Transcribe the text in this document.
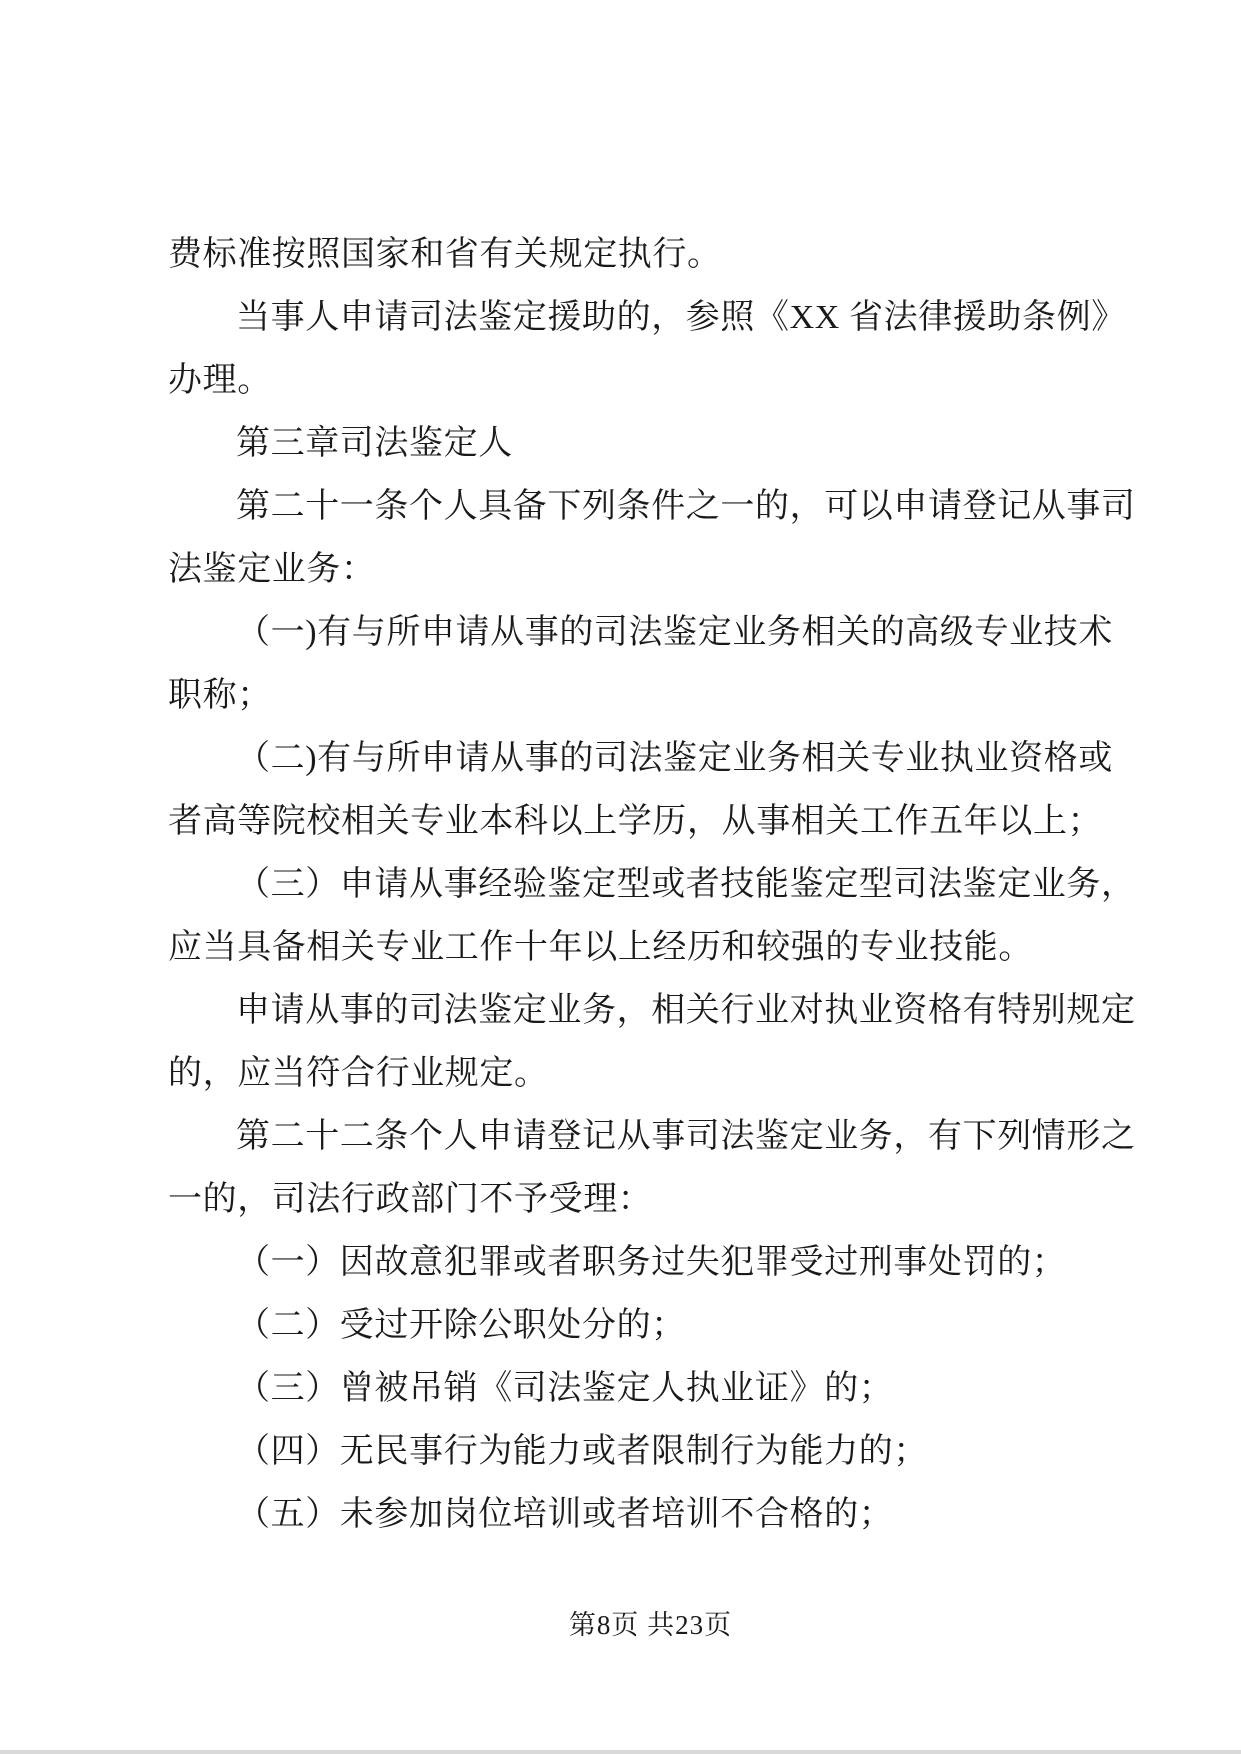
费标准按照国家和省有关规定执行。
当事人申请司法鉴定援助的，参照《XX 省法律援助条例》
办理。
第三章司法鉴定人
第二十一条个人具备下列条件之一的，可以申请登记从事司
法鉴定业务：
（一)有与所申请从事的司法鉴定业务相关的高级专业技术
职称；
（二)有与所申请从事的司法鉴定业务相关专业执业资格或
者高等院校相关专业本科以上学历，从事相关工作五年以上；
（三）申请从事经验鉴定型或者技能鉴定型司法鉴定业务，
应当具备相关专业工作十年以上经历和较强的专业技能。
申请从事的司法鉴定业务，相关行业对执业资格有特别规定
的，应当符合行业规定。
第二十二条个人申请登记从事司法鉴定业务，有下列情形之
一的，司法行政部门不予受理：
（一）因故意犯罪或者职务过失犯罪受过刑事处罚的；
（二）受过开除公职处分的；
（三）曾被吊销《司法鉴定人执业证》的；
（四）无民事行为能力或者限制行为能力的；
（五）未参加岗位培训或者培训不合格的；
第8页 共23页
